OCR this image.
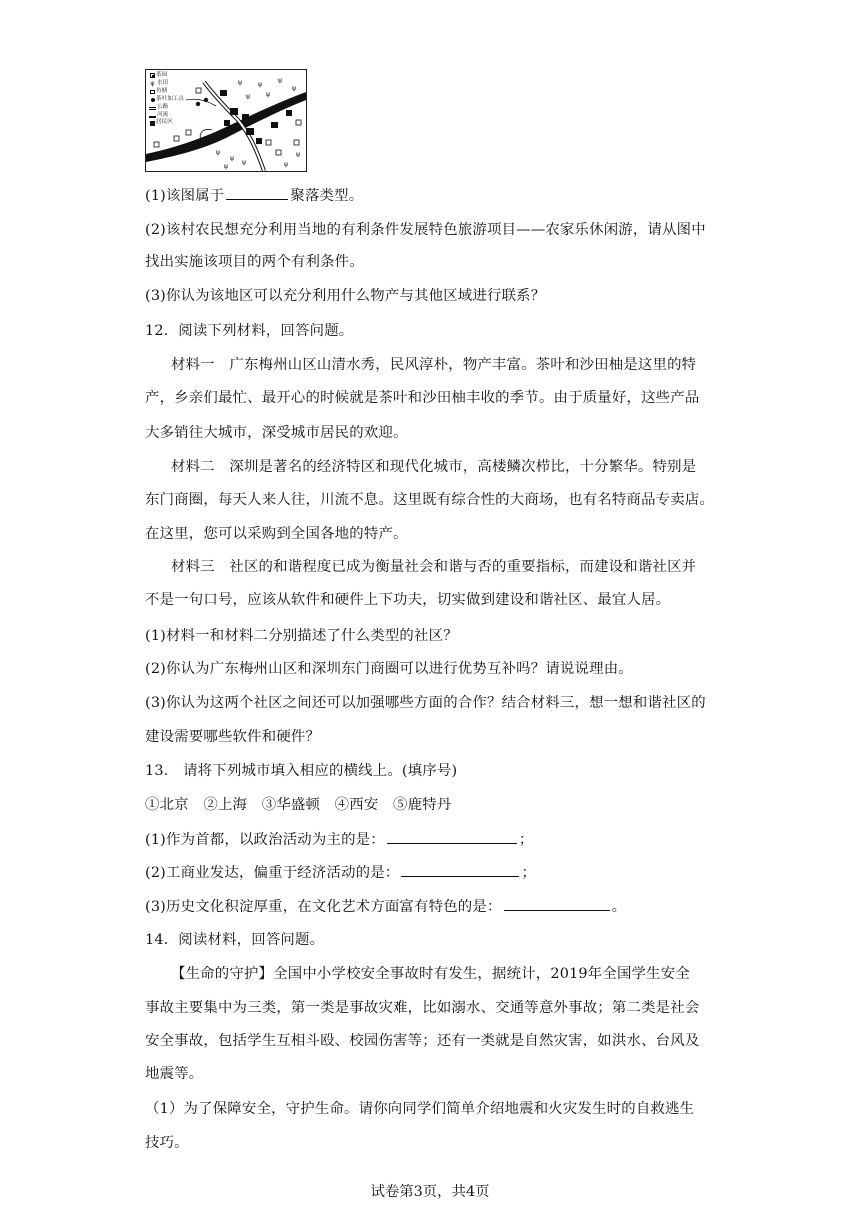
ψ	ψ
ψ
ψ
ψ	ψ
ψ
ψ
ψ
ψ	ψ
ψ
茶园
ψ 水田
鱼塘
茶叶加工点
公路
河流
居民区
(1)该图属于	聚落类型。
(2)该村农民想充分利用当地的有利条件发展特色旅游项目——农家乐休闲游，请从图中
找出实施该项目的两个有利条件。
(3)你认为该地区可以充分利用什么物产与其他区域进行联系？
12．阅读下列材料，回答问题。
材料一　广东梅州山区山清水秀，民风淳朴，物产丰富。茶叶和沙田柚是这里的特
产，乡亲们最忙、最开心的时候就是茶叶和沙田柚丰收的季节。由于质量好，这些产品
大多销往大城市，深受城市居民的欢迎。
材料二　深圳是著名的经济特区和现代化城市，高楼鳞次栉比，十分繁华。特别是
东门商圈，每天人来人往，川流不息。这里既有综合性的大商场，也有名特商品专卖店。
在这里，您可以采购到全国各地的特产。
材料三　社区的和谐程度已成为衡量社会和谐与否的重要指标，而建设和谐社区并
不是一句口号，应该从软件和硬件上下功夫，切实做到建设和谐社区、最宜人居。
(1)材料一和材料二分别描述了什么类型的社区？
(2)你认为广东梅州山区和深圳东门商圈可以进行优势互补吗？请说说理由。
(3)你认为这两个社区之间还可以加强哪些方面的合作？结合材料三，想一想和谐社区的
建设需要哪些软件和硬件？
13． 请将下列城市填入相应的横线上。(填序号)
①北京　②上海　③华盛顿　④西安　⑤鹿特丹
(1)作为首都，以政治活动为主的是：	；
(2)工商业发达，偏重于经济活动的是：	；
(3)历史文化积淀厚重，在文化艺术方面富有特色的是：	。
14．阅读材料，回答问题。
【生命的守护】全国中小学校安全事故时有发生，据统计，2019年全国学生安全
事故主要集中为三类，第一类是事故灾难，比如溺水、交通等意外事故；第二类是社会
安全事故，包括学生互相斗殴、校园伤害等；还有一类就是自然灾害，如洪水、台风及
地震等。
（1）为了保障安全，守护生命。请你向同学们简单介绍地震和火灾发生时的自救逃生
技巧。
试卷第3页，共4页
